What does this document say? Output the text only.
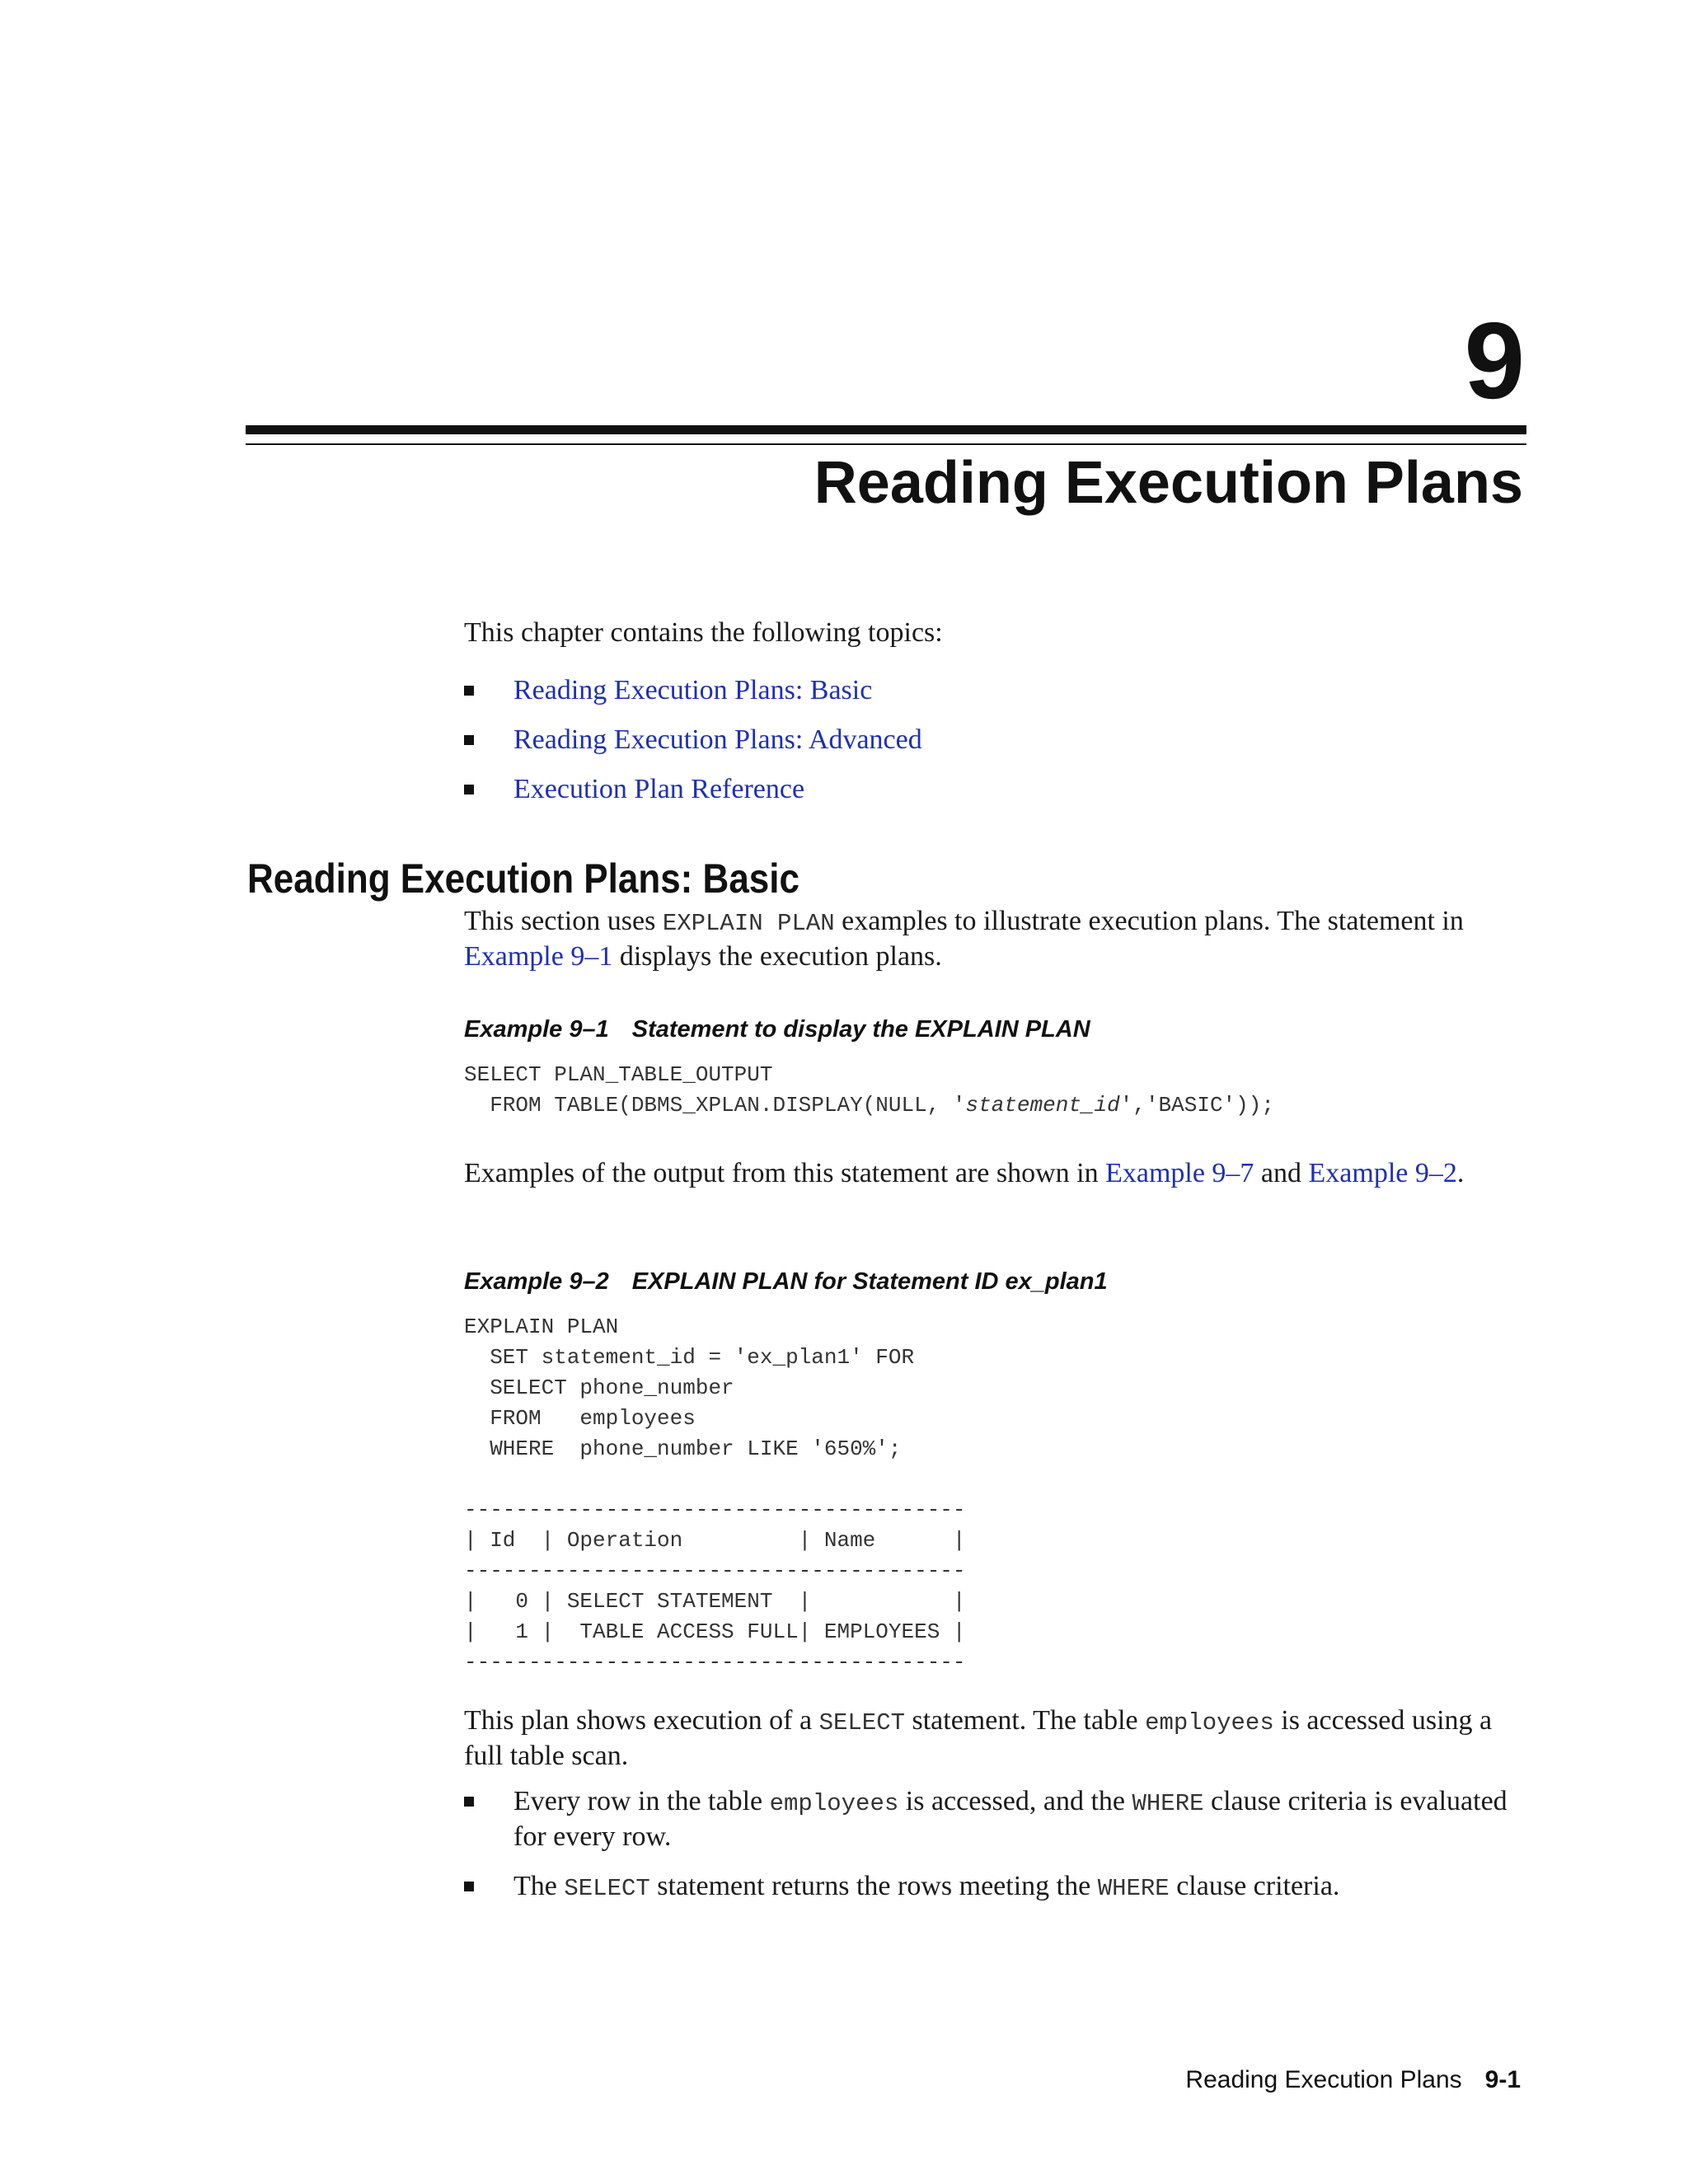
9
Reading Execution Plans

This chapter contains the following topics:

Reading Execution Plans: Basic
Reading Execution Plans: Advanced
Execution Plan Reference
Reading Execution Plans: Basic

This section uses EXPLAIN PLAN examples to illustrate execution plans. The statement in Example 9–1 displays the execution plans.

Example 9–1 Statement to display the EXPLAIN PLAN
SELECT PLAN_TABLE_OUTPUT
FROM TABLE(DBMS_XPLAN.DISPLAY(NULL, 'statement_id','BASIC'));

Examples of the output from this statement are shown in Example 9–7 and Example 9–2.

Example 9–2 EXPLAIN PLAN for Statement ID ex_plan1
EXPLAIN PLAN
SET statement_id = 'ex_plan1' FOR
SELECT phone_number
FROM   employees
WHERE  phone_number LIKE '650%';
---------------------------------------
| Id  | Operation         | Name      |
---------------------------------------
|   0 | SELECT STATEMENT  |           |
|   1 |  TABLE ACCESS FULL| EMPLOYEES |
---------------------------------------

This plan shows execution of a SELECT statement. The table employees is accessed using a full table scan.

Every row in the table employees is accessed, and the WHERE clause criteria is evaluated for every row.
The SELECT statement returns the rows meeting the WHERE clause criteria.
Reading Execution Plans 9-1
